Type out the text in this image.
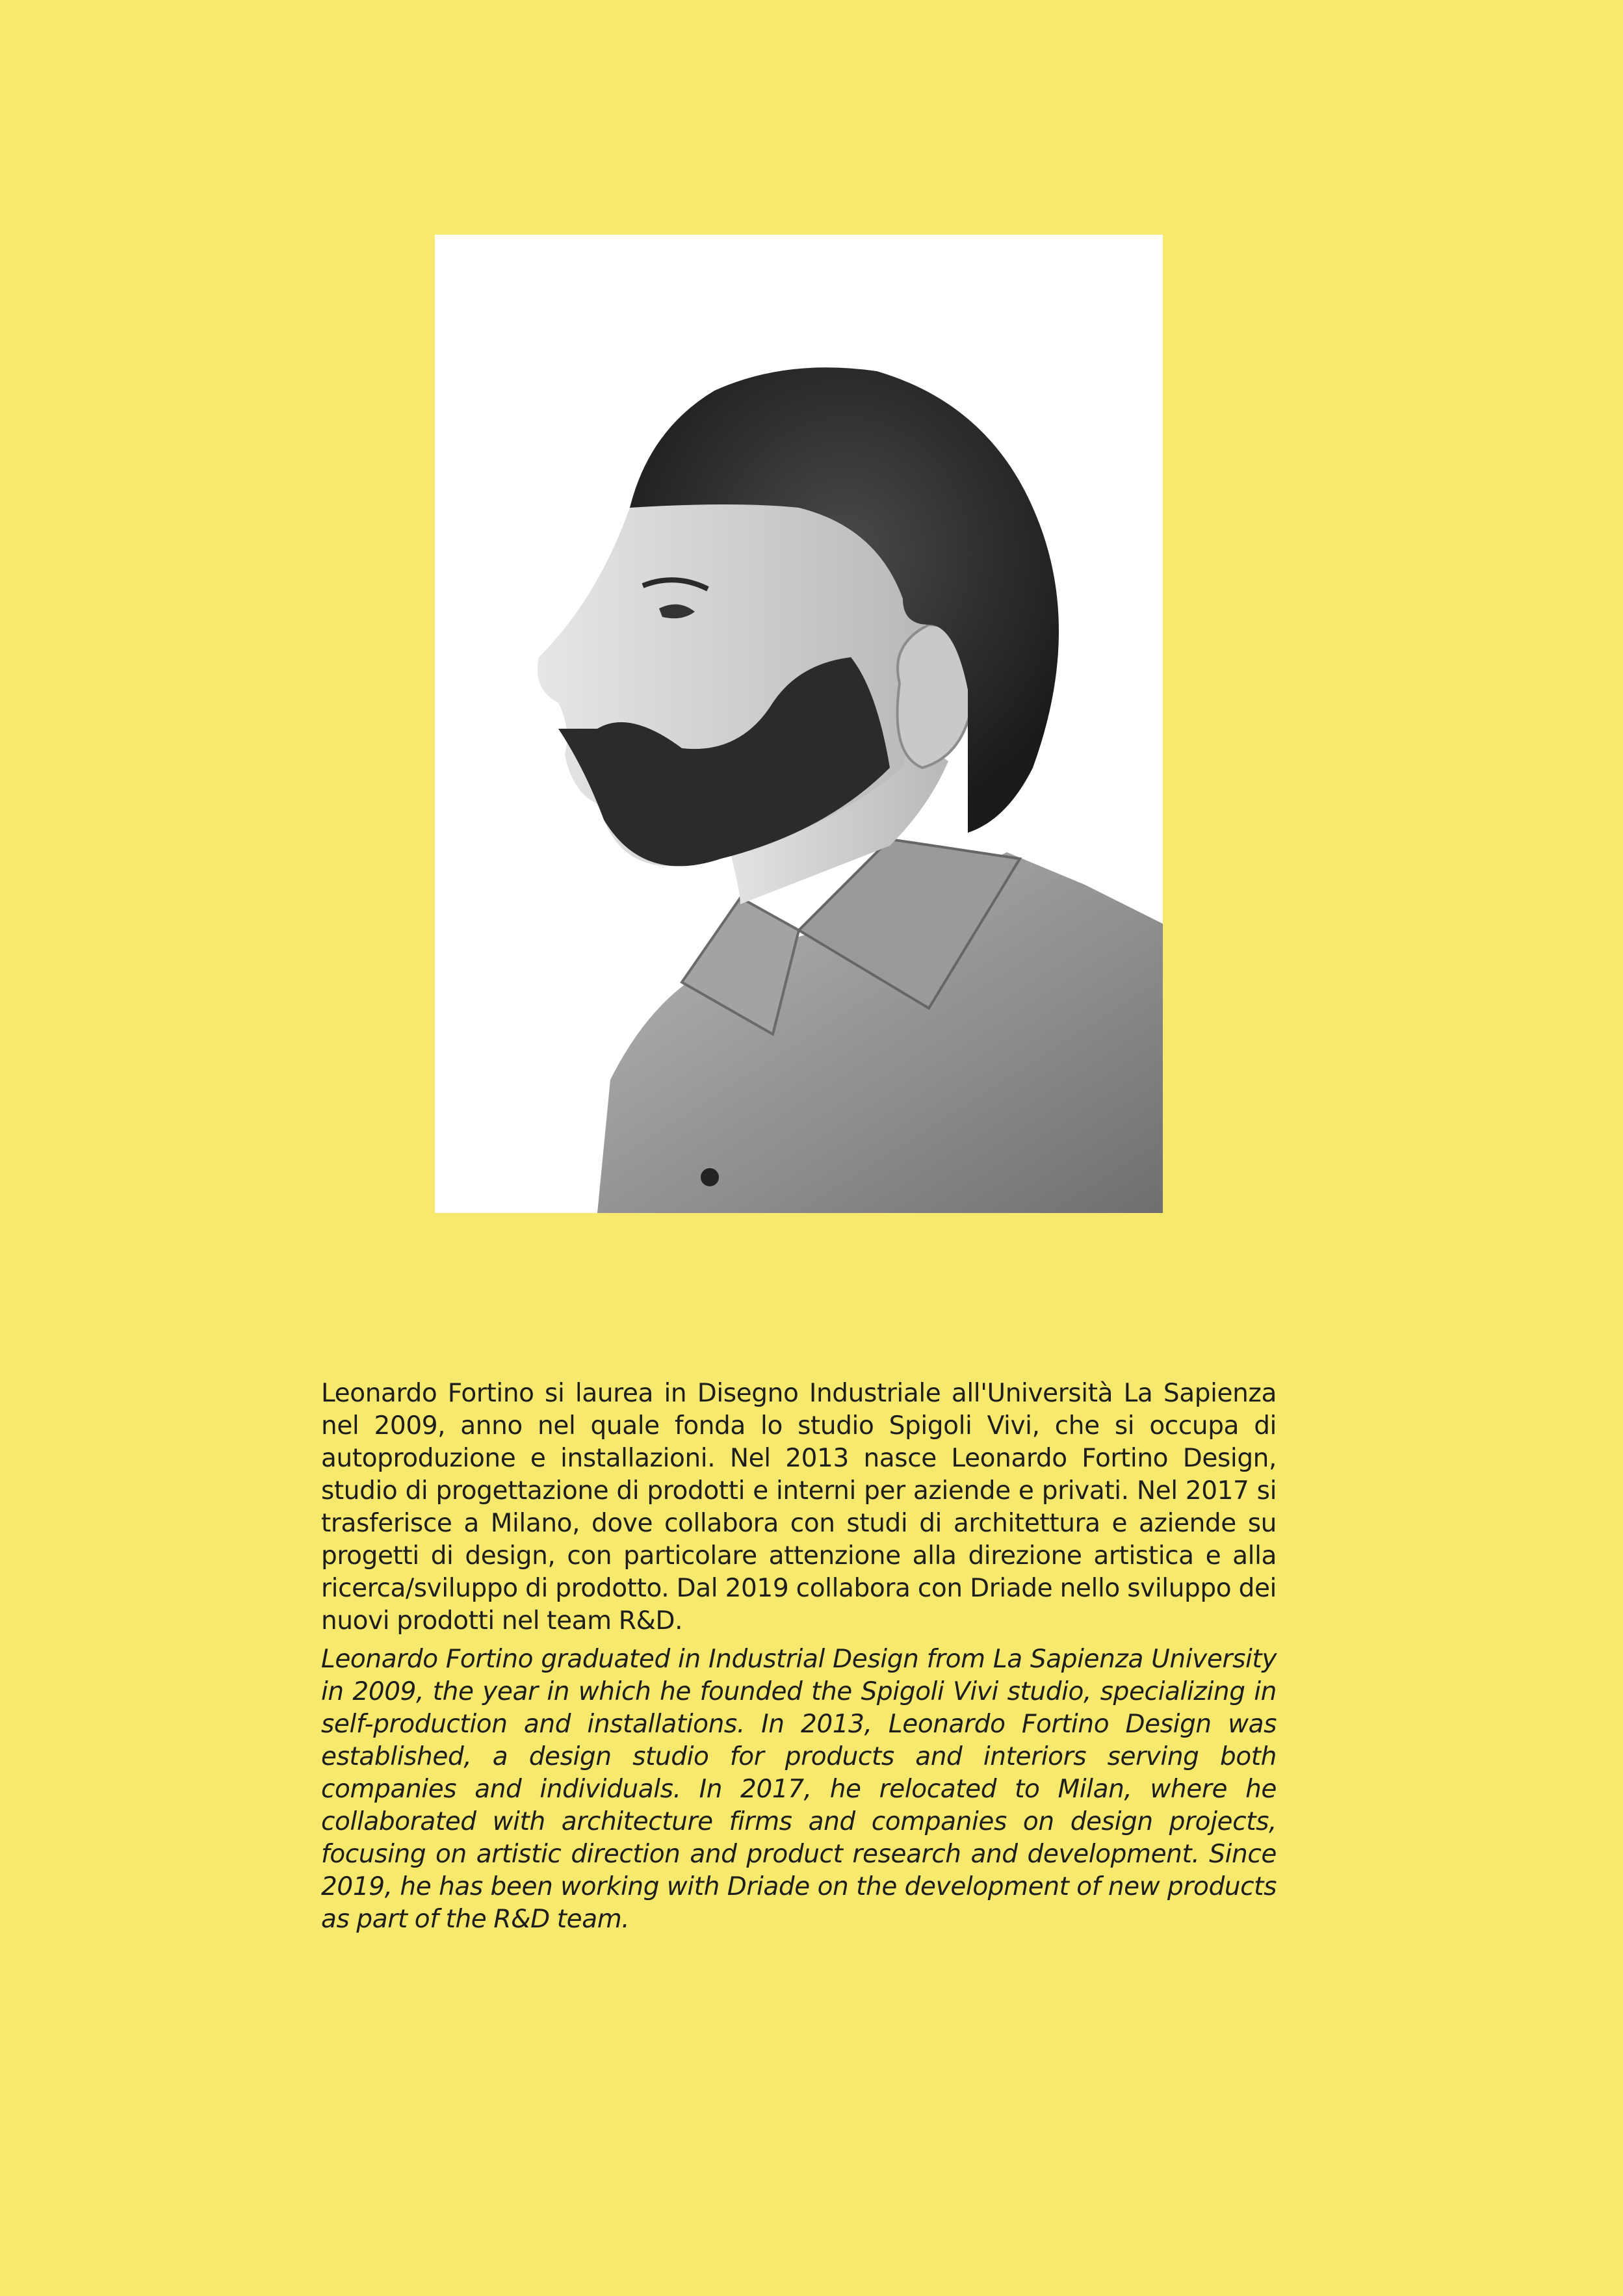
Leonardo Fortino si laurea in Disegno Industriale all'Università La Sapienza nel 2009, anno nel quale fonda lo studio Spigoli Vivi, che si occupa di autoproduzione e installazioni. Nel 2013 nasce Leonardo Fortino Design, studio di progettazione di prodotti e interni per aziende e privati. Nel 2017 si trasferisce a Milano, dove collabora con studi di architettura e aziende su progetti di design, con particolare attenzione alla direzione artistica e alla ricerca/sviluppo di prodotto. Dal 2019 collabora con Driade nello sviluppo dei nuovi prodotti nel team R&D.

Leonardo Fortino graduated in Industrial Design from La Sapienza University in 2009, the year in which he founded the Spigoli Vivi studio, specializing in self-production and installations. In 2013, Leonardo Fortino Design was established, a design studio for products and interiors serving both companies and individuals. In 2017, he relocated to Milan, where he collaborated with architecture firms and companies on design projects, focusing on artistic direction and product research and development. Since 2019, he has been working with Driade on the development of new products as part of the R&D team.
